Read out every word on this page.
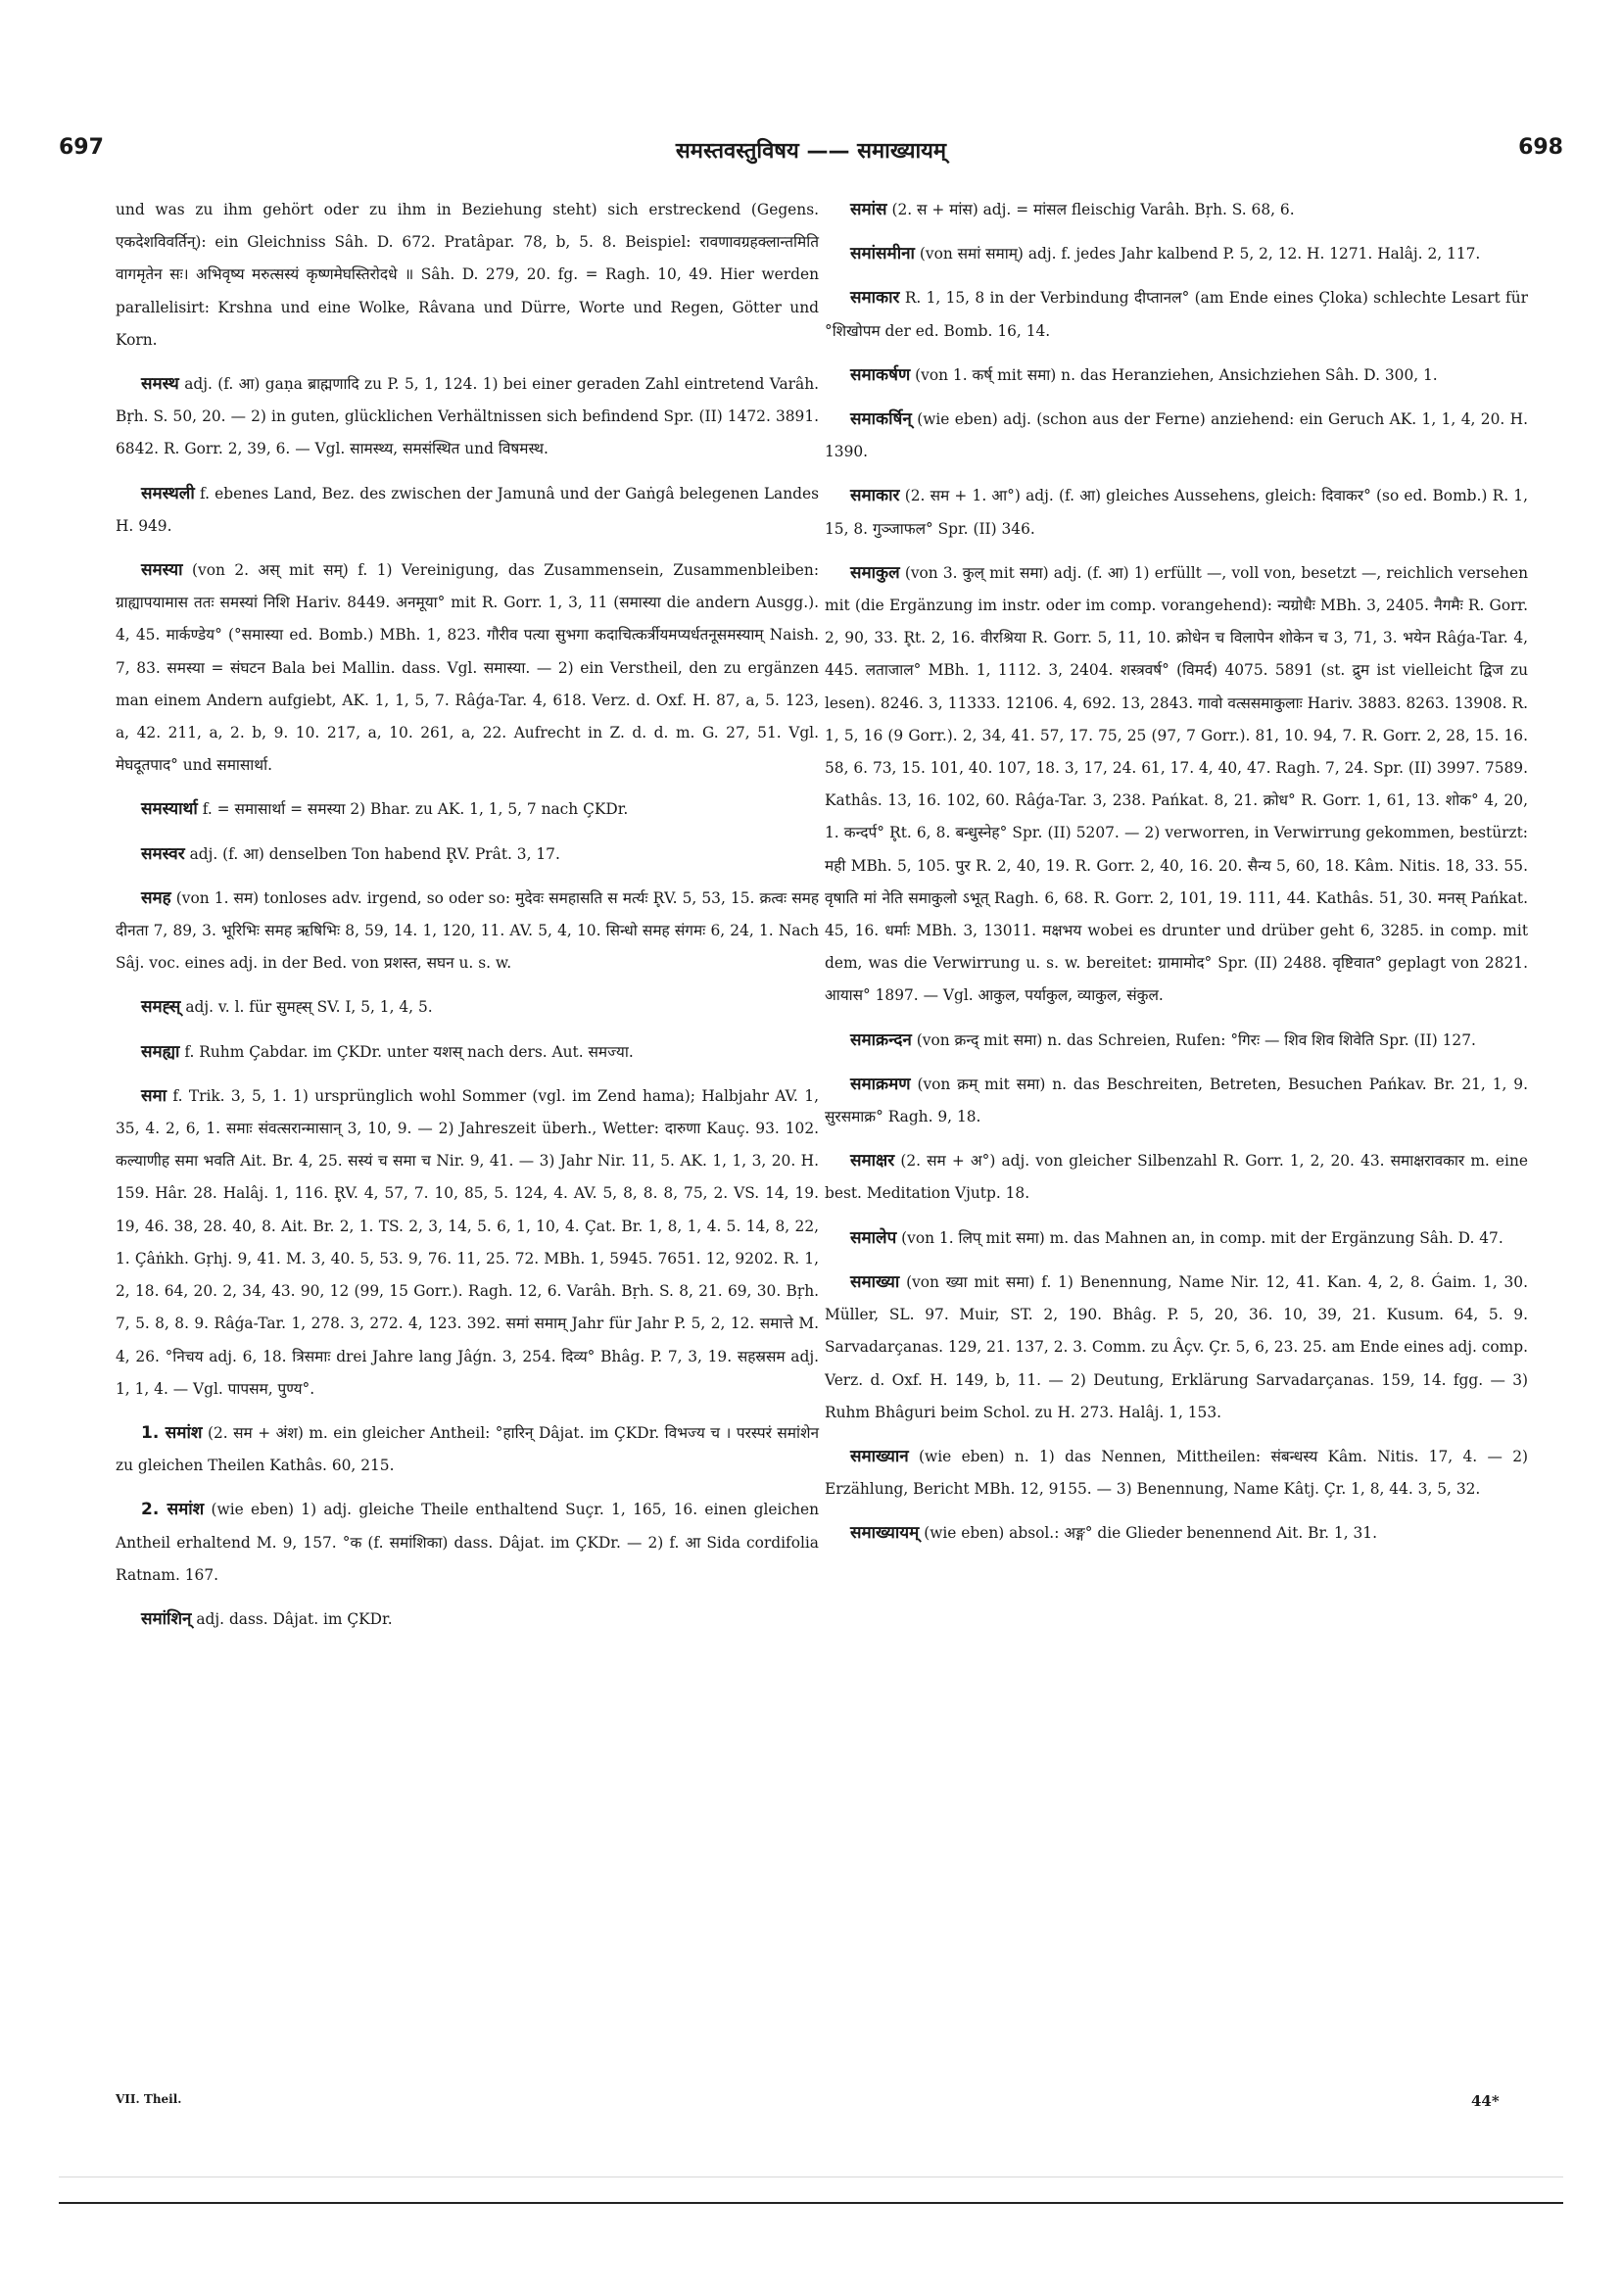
697	समस्तवस्तुविषय —— समाख्यायम्	698

und was zu ihm gehört oder zu ihm in Beziehung steht) sich erstreckend (Gegens. एकदेशविवर्तिन्): ein Gleichniss Sâh. D. 672. Pratâpar. 78, b, 5. 8. Beispiel: रावणावग्रहक्लान्तमिति वागमृतेन सः। अभिवृष्य मरुत्सस्यं कृष्णमेघस्तिरोदधे ॥ Sâh. D. 279, 20. fg. = Ragh. 10, 49. Hier werden parallelisirt: Krshna und eine Wolke, Râvana und Dürre, Worte und Regen, Götter und Korn.

समस्थ adj. (f. आ) gaṇa ब्राह्मणादि zu P. 5, 1, 124. 1) bei einer geraden Zahl eintretend Varâh. Bṛh. S. 50, 20. — 2) in guten, glücklichen Verhältnissen sich befindend Spr. (II) 1472. 3891. 6842. R. Gorr. 2, 39, 6. — Vgl. सामस्थ्य, समसंस्थित und विषमस्थ.

समस्थली f. ebenes Land, Bez. des zwischen der Jamunâ und der Gaṅgâ belegenen Landes H. 949.

समस्या (von 2. अस् mit सम्) f. 1) Vereinigung, das Zusammensein, Zusammenbleiben: ग्राह्यापयामास ततः समस्यां निशि Hariv. 8449. अनमूया° mit R. Gorr. 1, 3, 11 (समास्या die andern Ausgg.). 4, 45. मार्कण्डेय° (°समास्या ed. Bomb.) MBh. 1, 823. गौरीव पत्या सुभगा कदाचित्कर्त्रीयमप्यर्धतनूसमस्याम् Naish. 7, 83. समस्या = संघटन Bala bei Mallin. dass. Vgl. समास्या. — 2) ein Verstheil, den zu ergänzen man einem Andern aufgiebt, AK. 1, 1, 5, 7. Râǵa-Tar. 4, 618. Verz. d. Oxf. H. 87, a, 5. 123, a, 42. 211, a, 2. b, 9. 10. 217, a, 10. 261, a, 22. Aufrecht in Z. d. d. m. G. 27, 51. Vgl. मेघदूतपाद° und समासार्था.

समस्यार्था f. = समासार्था = समस्या 2) Bhar. zu AK. 1, 1, 5, 7 nach ÇKDr.

समस्वर adj. (f. आ) denselben Ton habend R̥V. Prât. 3, 17.

समह (von 1. सम) tonloses adv. irgend, so oder so: मुदेवः समहासति स मर्त्यः R̥V. 5, 53, 15. क्रत्वः समह दीनता 7, 89, 3. भूरिभिः समह ऋषिभिः 8, 59, 14. 1, 120, 11. AV. 5, 4, 10. सिन्धो समह संगमः 6, 24, 1. Nach Sâj. voc. eines adj. in der Bed. von प्रशस्त, सघन u. s. w.

समह्स् adj. v. l. für सुमह्स् SV. I, 5, 1, 4, 5.

समह्या f. Ruhm Çabdar. im ÇKDr. unter यशस् nach ders. Aut. समज्या.

समा f. Trik. 3, 5, 1. 1) ursprünglich wohl Sommer (vgl. im Zend hama); Halbjahr AV. 1, 35, 4. 2, 6, 1. समाः संवत्सरान्मासान् 3, 10, 9. — 2) Jahreszeit überh., Wetter: दारुणा Kauç. 93. 102. कल्याणीह समा भवति Ait. Br. 4, 25. सस्यं च समा च Nir. 9, 41. — 3) Jahr Nir. 11, 5. AK. 1, 1, 3, 20. H. 159. Hâr. 28. Halâj. 1, 116. R̥V. 4, 57, 7. 10, 85, 5. 124, 4. AV. 5, 8, 8. 8, 75, 2. VS. 14, 19. 19, 46. 38, 28. 40, 8. Ait. Br. 2, 1. TS. 2, 3, 14, 5. 6, 1, 10, 4. Çat. Br. 1, 8, 1, 4. 5. 14, 8, 22, 1. Çâṅkh. Gṛhj. 9, 41. M. 3, 40. 5, 53. 9, 76. 11, 25. 72. MBh. 1, 5945. 7651. 12, 9202. R. 1, 2, 18. 64, 20. 2, 34, 43. 90, 12 (99, 15 Gorr.). Ragh. 12, 6. Varâh. Bṛh. S. 8, 21. 69, 30. Bṛh. 7, 5. 8, 8. 9. Râǵa-Tar. 1, 278. 3, 272. 4, 123. 392. समां समाम् Jahr für Jahr P. 5, 2, 12. समात्ते M. 4, 26. °निचय adj. 6, 18. त्रिसमाः drei Jahre lang Jâǵn. 3, 254. दिव्य° Bhâg. P. 7, 3, 19. सहस्रसम adj. 1, 1, 4. — Vgl. पापसम, पुण्य°.

1. समांश (2. सम + अंश) m. ein gleicher Antheil: °हारिन् Dâjat. im ÇKDr. विभज्य च । परस्परं समांशेन zu gleichen Theilen Kathâs. 60, 215.

2. समांश (wie eben) 1) adj. gleiche Theile enthaltend Suçr. 1, 165, 16. einen gleichen Antheil erhaltend M. 9, 157. °क (f. समांशिका) dass. Dâjat. im ÇKDr. — 2) f. आ Sida cordifolia Ratnam. 167.

समांशिन् adj. dass. Dâjat. im ÇKDr.

समांस (2. स + मांस) adj. = मांसल fleischig Varâh. Bṛh. S. 68, 6.

समांसमीना (von समां समाम्) adj. f. jedes Jahr kalbend P. 5, 2, 12. H. 1271. Halâj. 2, 117.

समाकार R. 1, 15, 8 in der Verbindung दीप्तानल° (am Ende eines Çloka) schlechte Lesart für °शिखोपम der ed. Bomb. 16, 14.

समाकर्षण (von 1. कर्ष् mit समा) n. das Heranziehen, Ansichziehen Sâh. D. 300, 1.

समाकर्षिन् (wie eben) adj. (schon aus der Ferne) anziehend: ein Geruch AK. 1, 1, 4, 20. H. 1390.

समाकार (2. सम + 1. आ°) adj. (f. आ) gleiches Aussehens, gleich: दिवाकर° (so ed. Bomb.) R. 1, 15, 8. गुञ्जाफल° Spr. (II) 346.

समाकुल (von 3. कुल् mit समा) adj. (f. आ) 1) erfüllt —, voll von, besetzt —, reichlich versehen mit (die Ergänzung im instr. oder im comp. vorangehend): न्यग्रोधैः MBh. 3, 2405. नैगमैः R. Gorr. 2, 90, 33. R̥t. 2, 16. वीरश्रिया R. Gorr. 5, 11, 10. क्रोधेन च विलापेन शोकेन च 3, 71, 3. भयेन Râǵa-Tar. 4, 445. लताजाल° MBh. 1, 1112. 3, 2404. शस्त्रवर्ष° (विमर्द) 4075. 5891 (st. द्रुम ist vielleicht द्विज zu lesen). 8246. 3, 11333. 12106. 4, 692. 13, 2843. गावो वत्ससमाकुलाः Hariv. 3883. 8263. 13908. R. 1, 5, 16 (9 Gorr.). 2, 34, 41. 57, 17. 75, 25 (97, 7 Gorr.). 81, 10. 94, 7. R. Gorr. 2, 28, 15. 16. 58, 6. 73, 15. 101, 40. 107, 18. 3, 17, 24. 61, 17. 4, 40, 47. Ragh. 7, 24. Spr. (II) 3997. 7589. Kathâs. 13, 16. 102, 60. Râǵa-Tar. 3, 238. Pańkat. 8, 21. क्रोध° R. Gorr. 1, 61, 13. शोक° 4, 20, 1. कन्दर्प° R̥t. 6, 8. बन्धुस्नेह° Spr. (II) 5207. — 2) verworren, in Verwirrung gekommen, bestürzt: मही MBh. 5, 105. पुर R. 2, 40, 19. R. Gorr. 2, 40, 16. 20. सैन्य 5, 60, 18. Kâm. Nitis. 18, 33. 55. वृषाति मां नेति समाकुलो ऽभूत् Ragh. 6, 68. R. Gorr. 2, 101, 19. 111, 44. Kathâs. 51, 30. मनस् Pańkat. 45, 16. धर्माः MBh. 3, 13011. मक्षभय wobei es drunter und drüber geht 6, 3285. in comp. mit dem, was die Verwirrung u. s. w. bereitet: ग्रामामोद° Spr. (II) 2488. वृष्टिवात° geplagt von 2821. आयास° 1897. — Vgl. आकुल, पर्याकुल, व्याकुल, संकुल.

समाक्रन्दन (von क्रन्द् mit समा) n. das Schreien, Rufen: °गिरः — शिव शिव शिवेति Spr. (II) 127.

समाक्रमण (von क्रम् mit समा) n. das Beschreiten, Betreten, Besuchen Pańkav. Br. 21, 1, 9. सुरसमाक्र° Ragh. 9, 18.

समाक्षर (2. सम + अ°) adj. von gleicher Silbenzahl R. Gorr. 1, 2, 20. 43. समाक्षरावकार m. eine best. Meditation Vjutp. 18.

समालेप (von 1. लिप् mit समा) m. das Mahnen an, in comp. mit der Ergänzung Sâh. D. 47.

समाख्या (von ख्या mit समा) f. 1) Benennung, Name Nir. 12, 41. Kan. 4, 2, 8. Ǵaim. 1, 30. Müller, SL. 97. Muir, ST. 2, 190. Bhâg. P. 5, 20, 36. 10, 39, 21. Kusum. 64, 5. 9. Sarvadarçanas. 129, 21. 137, 2. 3. Comm. zu Âçv. Çr. 5, 6, 23. 25. am Ende eines adj. comp. Verz. d. Oxf. H. 149, b, 11. — 2) Deutung, Erklärung Sarvadarçanas. 159, 14. fgg. — 3) Ruhm Bhâguri beim Schol. zu H. 273. Halâj. 1, 153.

समाख्यान (wie eben) n. 1) das Nennen, Mittheilen: संबन्धस्य Kâm. Nitis. 17, 4. — 2) Erzählung, Bericht MBh. 12, 9155. — 3) Benennung, Name Kâtj. Çr. 1, 8, 44. 3, 5, 32.

समाख्यायम् (wie eben) absol.: अङ्ग° die Glieder benennend Ait. Br. 1, 31.

VII. Theil.	44*
